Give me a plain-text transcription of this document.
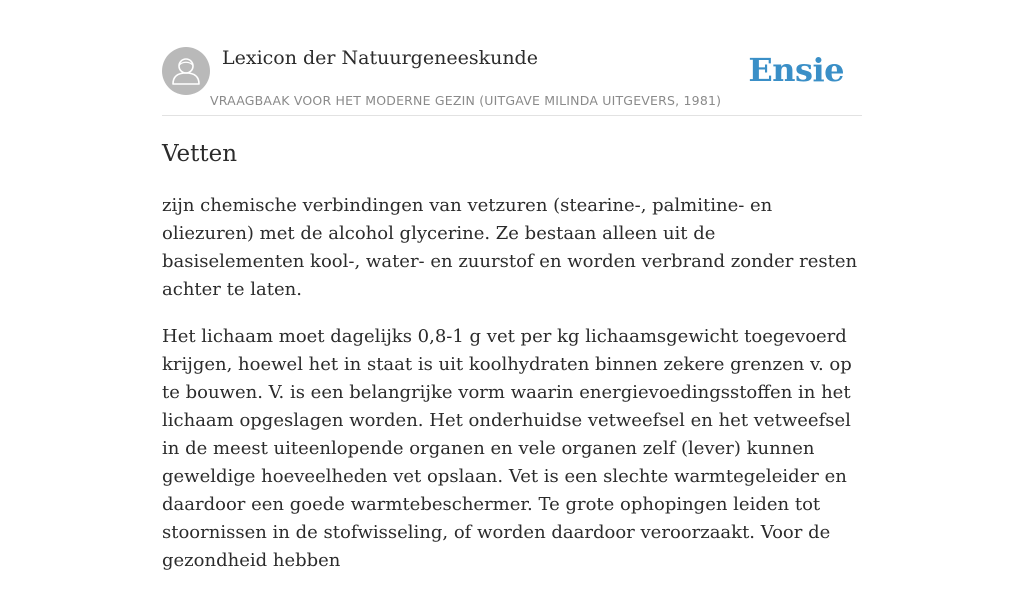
Lexicon der Natuurgeneeskunde
VRAAGBAAK VOOR HET MODERNE GEZIN (UITGAVE MILINDA UITGEVERS, 1981)
Ensie
Vetten

zijn chemische verbindingen van vetzuren (stearine-, palmitine- en oliezuren) met de alcohol glycerine. Ze bestaan alleen uit de basiselementen kool-, water- en zuurstof en worden verbrand zonder resten achter te laten.

Het lichaam moet dagelijks 0,8-1 g vet per kg lichaamsgewicht toegevoerd krijgen, hoewel het in staat is uit koolhydraten binnen zekere grenzen v. op te bouwen. V. is een belangrijke vorm waarin energievoedingsstoffen in het lichaam opgeslagen worden. Het onderhuidse vetweefsel en het vetweefsel in de meest uiteenlopende organen en vele organen zelf (lever) kunnen geweldige hoeveelheden vet opslaan. Vet is een slechte warmtegeleider en daardoor een goede warmtebeschermer. Te grote ophopingen leiden tot stoornissen in de stofwisseling, of worden daardoor veroorzaakt. Voor de gezondheid hebben
